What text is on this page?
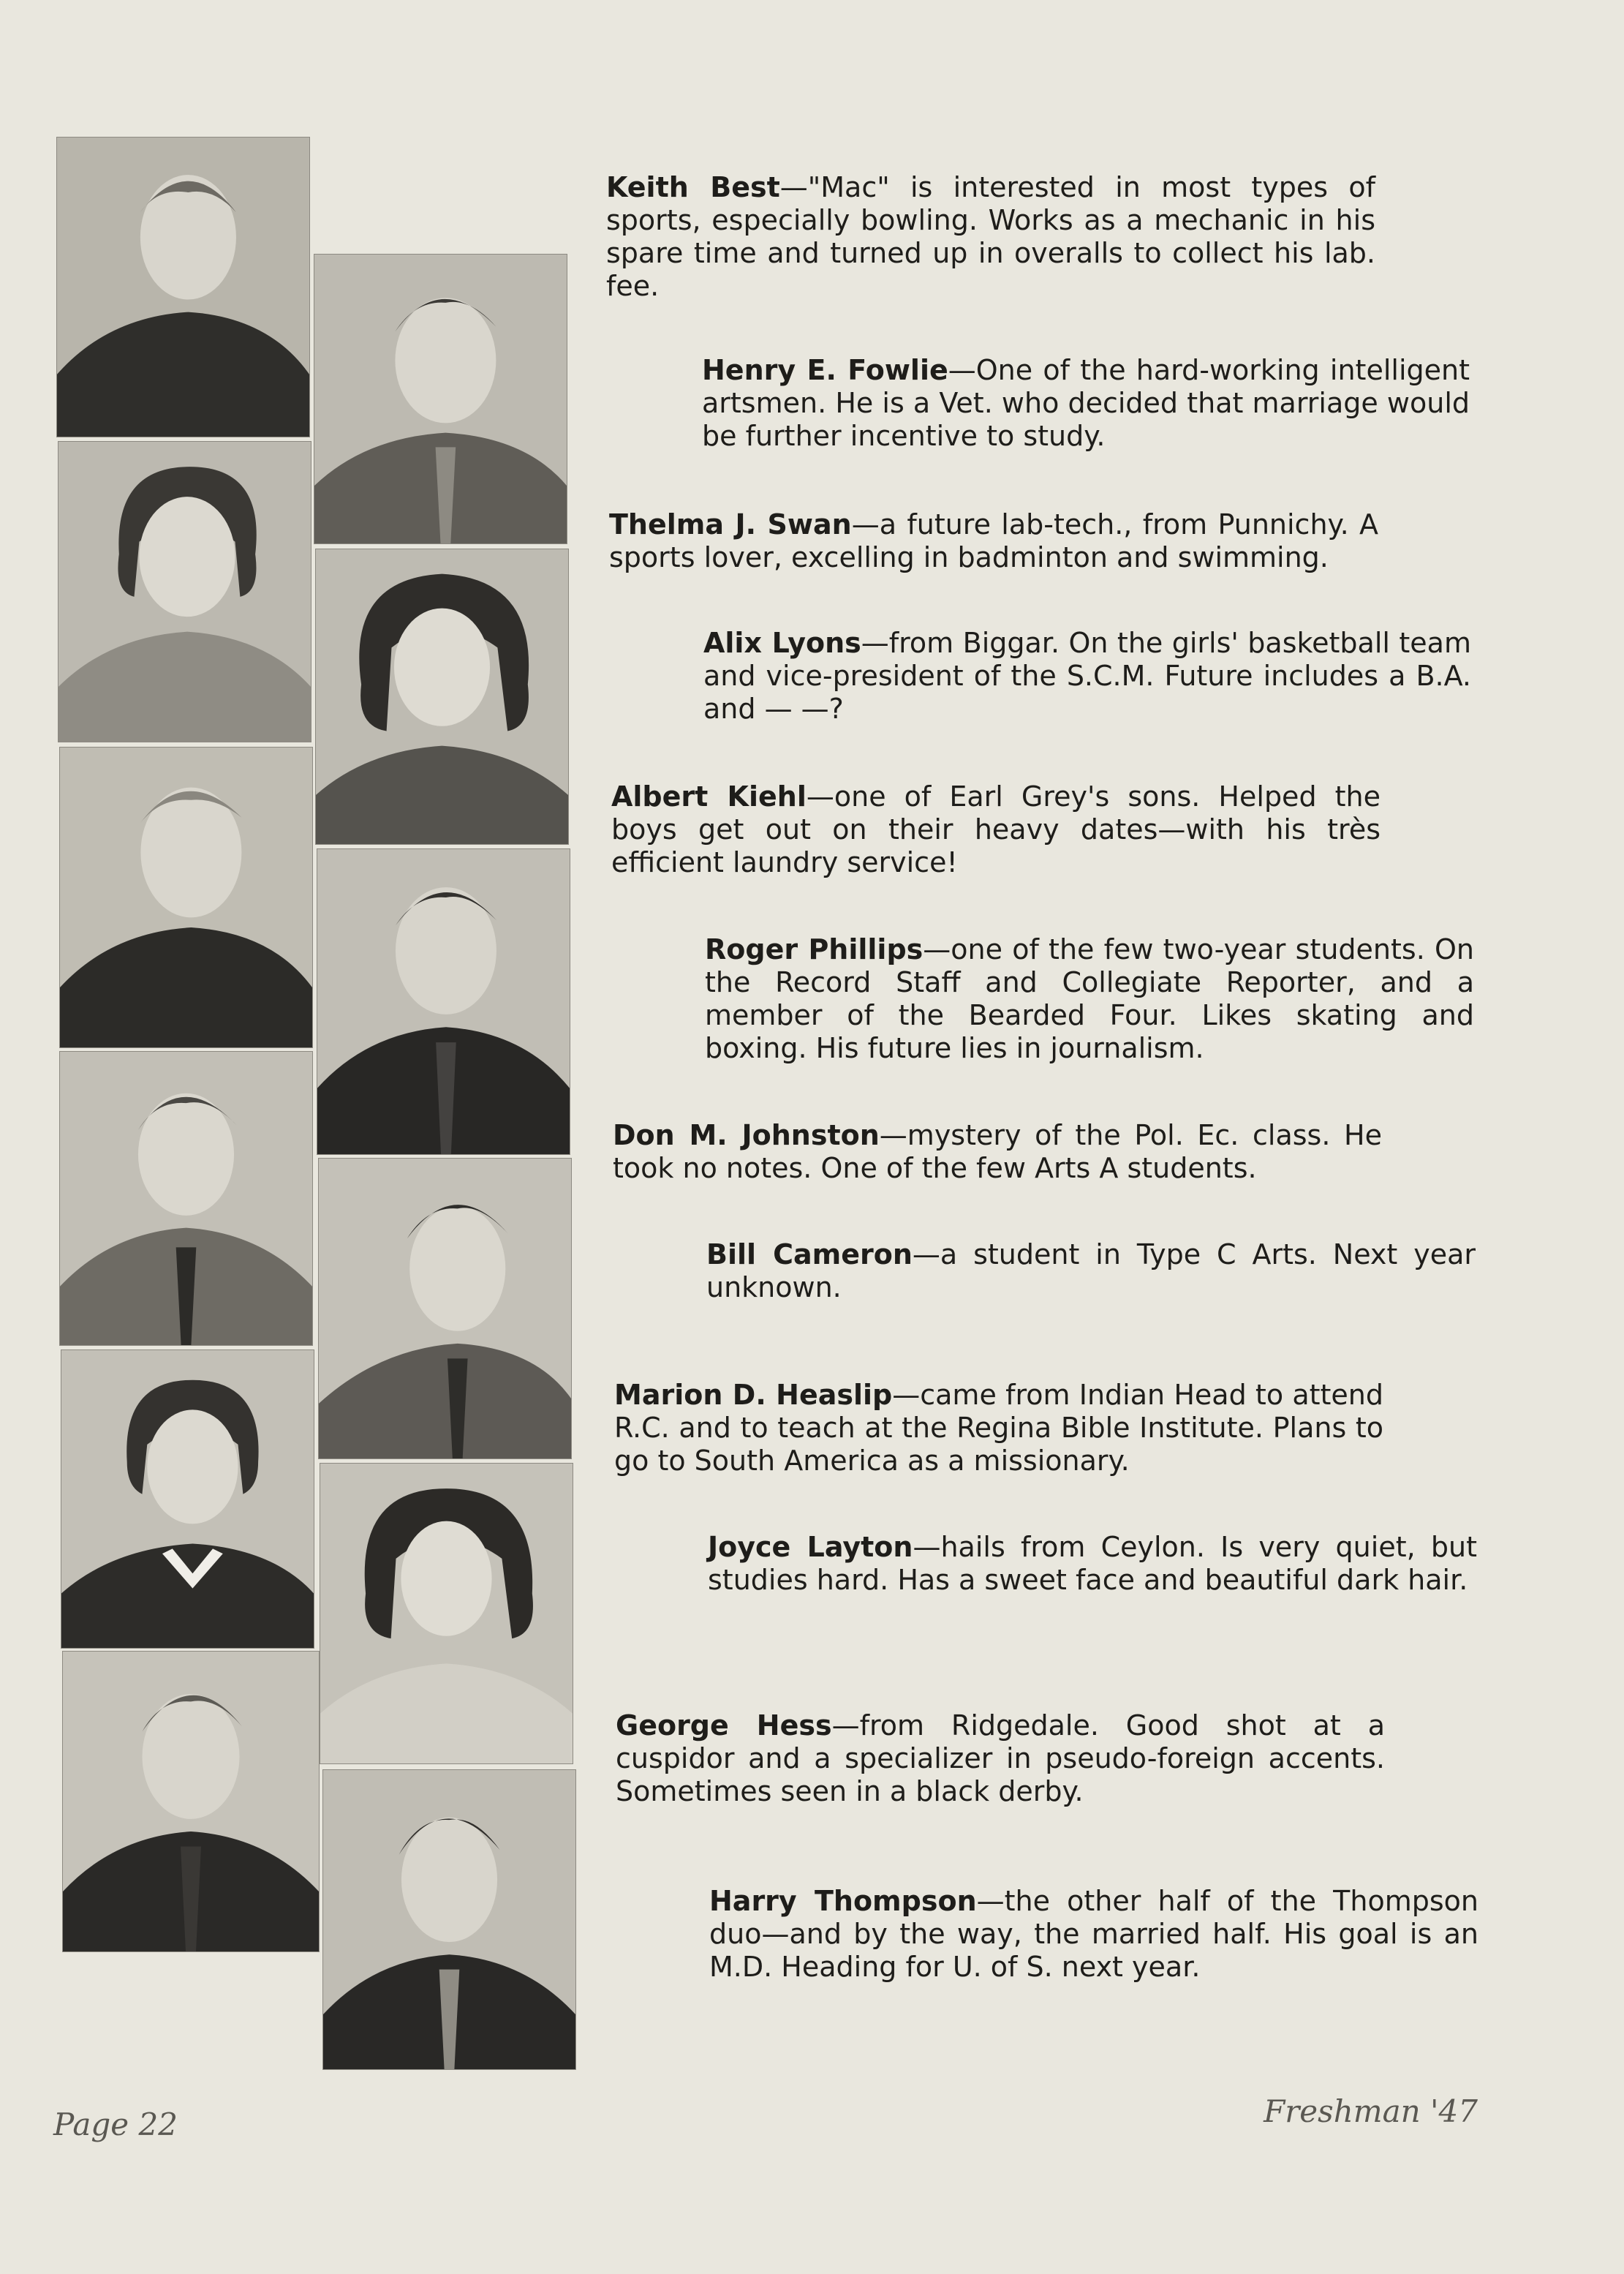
Keith Best—"Mac" is interested in most types of sports, especially bowling. Works as a mechanic in his spare time and turned up in overalls to collect his lab. fee.

Henry E. Fowlie—One of the hard-working intelligent artsmen. He is a Vet. who decided that marriage would be further incentive to study.

Thelma J. Swan—a future lab-tech., from Punnichy. A sports lover, excelling in badminton and swimming.

Alix Lyons—from Biggar. On the girls' basketball team and vice-president of the S.C.M. Future includes a B.A. and — —?

Albert Kiehl—one of Earl Grey's sons. Helped the boys get out on their heavy dates—with his très efficient laundry service!

Roger Phillips—one of the few two-year students. On the Record Staff and Collegiate Reporter, and a member of the Bearded Four. Likes skating and boxing. His future lies in journalism.

Don M. Johnston—mystery of the Pol. Ec. class. He took no notes. One of the few Arts A students.

Bill Cameron—a student in Type C Arts. Next year unknown.

Marion D. Heaslip—came from Indian Head to attend R.C. and to teach at the Regina Bible Institute. Plans to go to South America as a missionary.

Joyce Layton—hails from Ceylon. Is very quiet, but studies hard. Has a sweet face and beautiful dark hair.

George Hess—from Ridgedale. Good shot at a cuspidor and a specializer in pseudo-foreign accents. Sometimes seen in a black derby.

Harry Thompson—the other half of the Thompson duo—and by the way, the married half. His goal is an M.D. Heading for U. of S. next year.

Page 22	Freshman '47
